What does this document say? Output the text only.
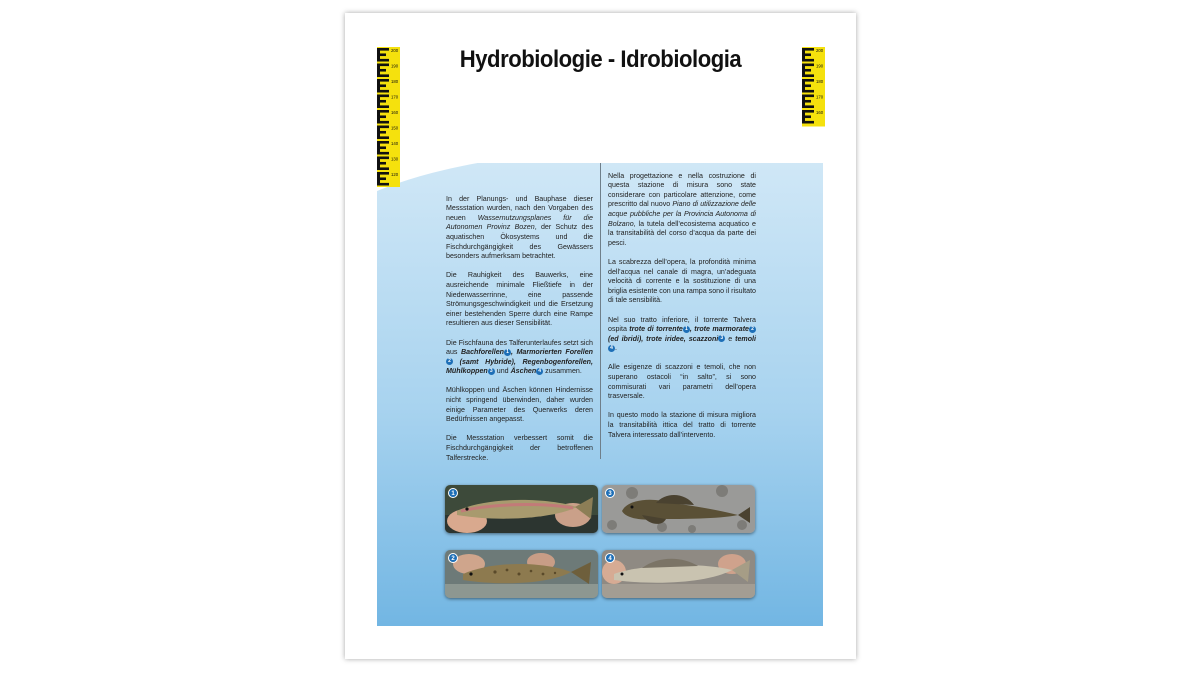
Hydrobiologie - Idrobiologia
200
190
180
170
160
150
140
130
120
200
190
180
170
160

In der Planungs- und Bauphase dieser Messstation wurden, nach den Vorgaben des neuen Wassernutzungsplanes für die Autonomen Provinz Bozen, der Schutz des aquatischen Ökosystems und die Fischdurchgängigkeit des Gewässers besonders aufmerksam betrachtet.

Die Rauhigkeit des Bauwerks, eine ausreichende minimale Fließtiefe in der Niederwasserrinne, eine passende Strömungsgeschwindigkeit und die Ersetzung einer bestehenden Sperre durch eine Rampe resultieren aus dieser Sensibilität.

Die Fischfauna des Talferunterlaufes setzt sich aus Bachforellen 1 , Marmorierten Forellen2 (samt Hybride), Regenbogenforellen, Mühlkoppen 3 und Äschen 4 zusammen.

Mühlkoppen und Äschen können Hindernisse nicht springend überwinden, daher wurden einige Parameter des Querwerks deren Bedürfnissen angepasst.

Die Messstation verbessert somit die Fischdurchgängigkeit der betroffenen Talferstrecke.

Nella progettazione e nella costruzione di questa stazione di misura sono state considerare con particolare attenzione, come prescritto dal nuovo Piano di utilizzazione delle acque pubbliche per la Provincia Autonoma di Bolzano, la tutela dell’ecosistema acquatico e la transitabilità del corso d’acqua da parte dei pesci.

La scabrezza dell’opera, la profondità minima dell’acqua nel canale di magra, un’adeguata velocità di corrente e la sostituzione di una briglia esistente con una rampa sono il risultato di tale sensibilità.

Nel suo tratto inferiore, il torrente Talvera ospita trote di torrente 1 , trote marmorate 2 (ed ibridi), trote iridee, scazzoni 3 e temoli4 .

Alle esigenze di scazzoni e temoli, che non superano ostacoli “in salto”, si sono commisurati vari parametri dell’opera trasversale.

In questo modo la stazione di misura migliora la transitabilità ittica del tratto di torrente Talvera interessato dall’intervento.

1
2
3
4
